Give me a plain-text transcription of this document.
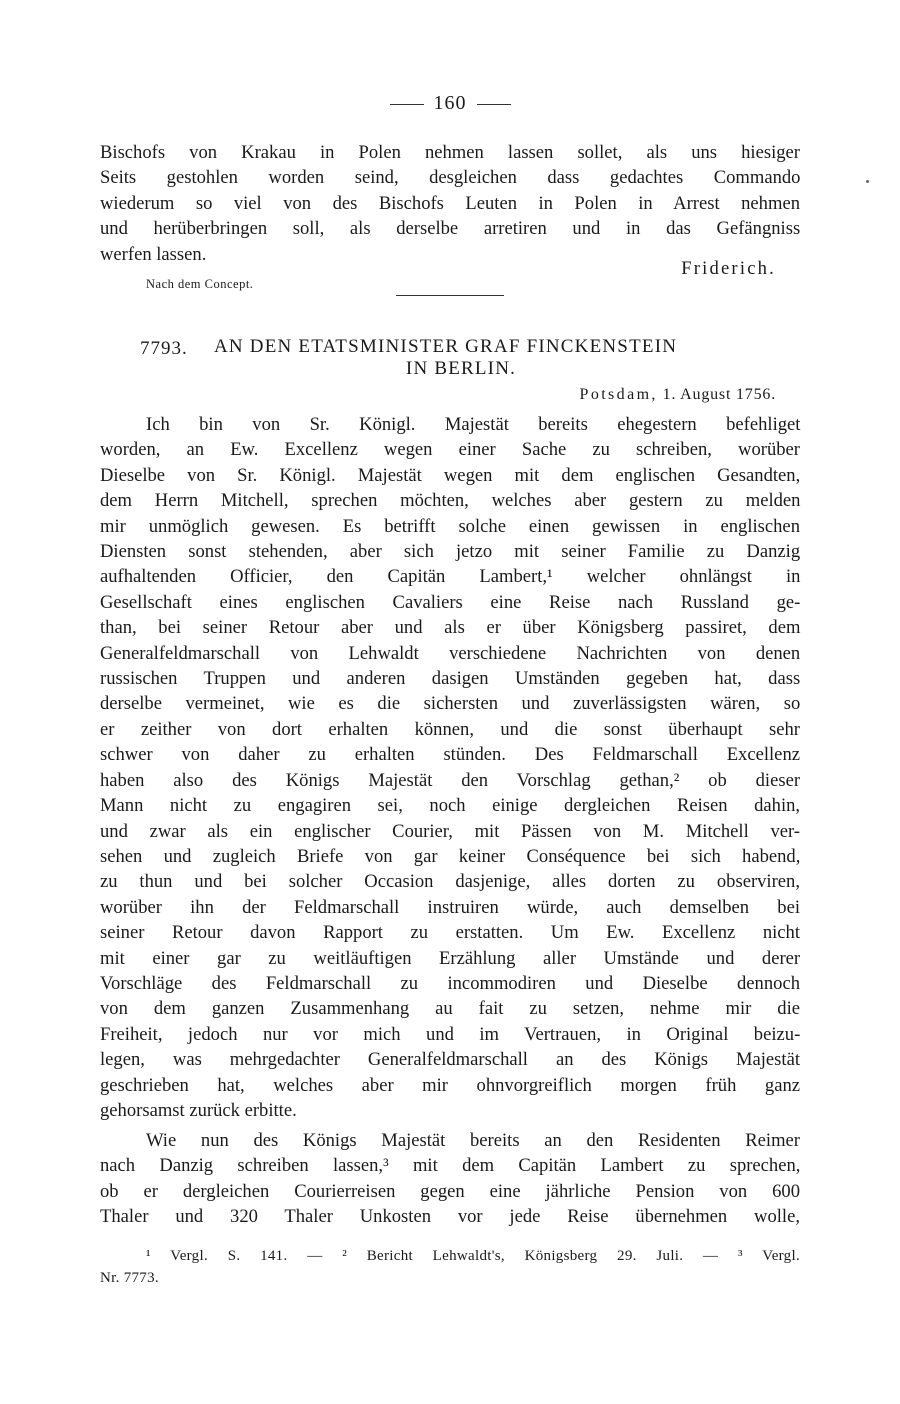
160
Bischofs von Krakau in Polen nehmen lassen sollet, als uns hiesiger
Seits gestohlen worden seind, desgleichen dass gedachtes Commando
wiederum so viel von des Bischofs Leuten in Polen in Arrest nehmen
und herüberbringen soll, als derselbe arretiren und in das Gefängniss
werfen lassen.
Friderich.
Nach dem Concept.
7793. AN DEN ETATSMINISTER GRAF FINCKENSTEIN
IN BERLIN.
Potsdam, 1. August 1756.
Ich bin von Sr. Königl. Majestät bereits ehegestern befehliget
worden, an Ew. Excellenz wegen einer Sache zu schreiben, worüber
Dieselbe von Sr. Königl. Majestät wegen mit dem englischen Gesandten,
dem Herrn Mitchell, sprechen möchten, welches aber gestern zu melden
mir unmöglich gewesen. Es betrifft solche einen gewissen in englischen
Diensten sonst stehenden, aber sich jetzo mit seiner Familie zu Danzig
aufhaltenden Officier, den Capitän Lambert,¹ welcher ohnlängst in
Gesellschaft eines englischen Cavaliers eine Reise nach Russland ge-
than, bei seiner Retour aber und als er über Königsberg passiret, dem
Generalfeldmarschall von Lehwaldt verschiedene Nachrichten von denen
russischen Truppen und anderen dasigen Umständen gegeben hat, dass
derselbe vermeinet, wie es die sichersten und zuverlässigsten wären, so
er zeither von dort erhalten können, und die sonst überhaupt sehr
schwer von daher zu erhalten stünden. Des Feldmarschall Excellenz
haben also des Königs Majestät den Vorschlag gethan,² ob dieser
Mann nicht zu engagiren sei, noch einige dergleichen Reisen dahin,
und zwar als ein englischer Courier, mit Pässen von M. Mitchell ver-
sehen und zugleich Briefe von gar keiner Conséquence bei sich habend,
zu thun und bei solcher Occasion dasjenige, alles dorten zu observiren,
worüber ihn der Feldmarschall instruiren würde, auch demselben bei
seiner Retour davon Rapport zu erstatten. Um Ew. Excellenz nicht
mit einer gar zu weitläuftigen Erzählung aller Umstände und derer
Vorschläge des Feldmarschall zu incommodiren und Dieselbe dennoch
von dem ganzen Zusammenhang au fait zu setzen, nehme mir die
Freiheit, jedoch nur vor mich und im Vertrauen, in Original beizu-
legen, was mehrgedachter Generalfeldmarschall an des Königs Majestät
geschrieben hat, welches aber mir ohnvorgreiflich morgen früh ganz
gehorsamst zurück erbitte.
Wie nun des Königs Majestät bereits an den Residenten Reimer
nach Danzig schreiben lassen,³ mit dem Capitän Lambert zu sprechen,
ob er dergleichen Courierreisen gegen eine jährliche Pension von 600
Thaler und 320 Thaler Unkosten vor jede Reise übernehmen wolle,
¹ Vergl. S. 141. — ² Bericht Lehwaldt's, Königsberg 29. Juli. — ³ Vergl.
Nr. 7773.
